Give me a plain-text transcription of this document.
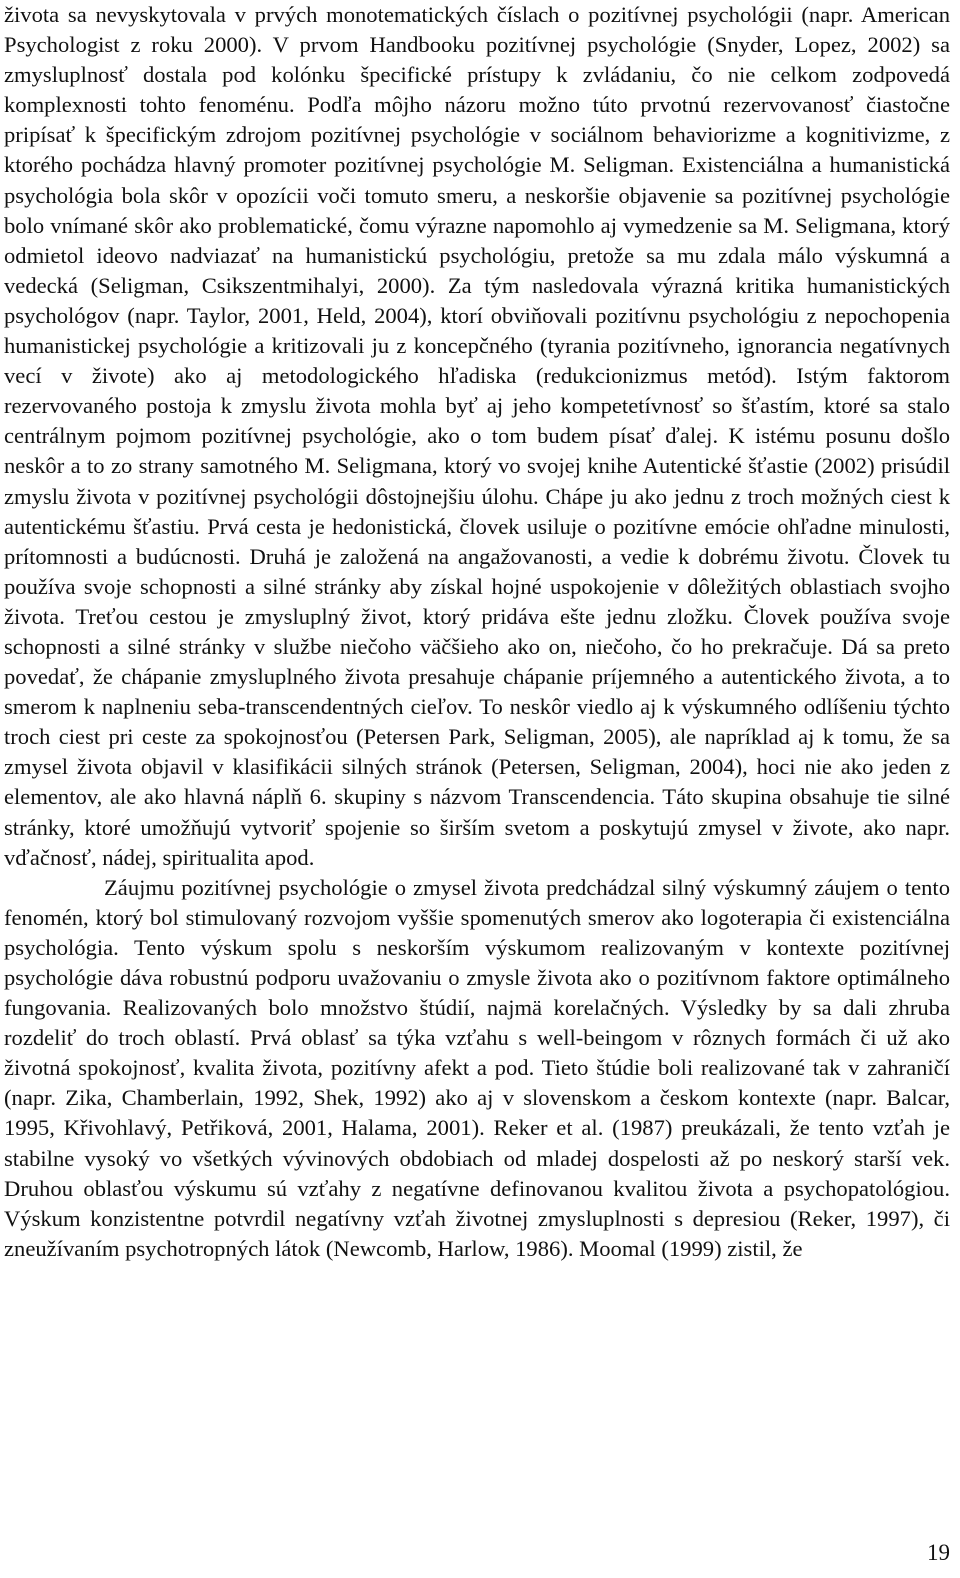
života sa nevyskytovala v prvých monotematických číslach o pozitívnej psychológii (napr. American Psychologist z roku 2000). V prvom Handbooku pozitívnej psychológie (Snyder, Lopez, 2002) sa zmysluplnosť dostala pod kolónku špecifické prístupy k zvládaniu, čo nie celkom zodpovedá komplexnosti tohto fenoménu. Podľa môjho názoru možno túto prvotnú rezervovanosť čiastočne pripísať k špecifickým zdrojom pozitívnej psychológie v sociálnom behaviorizme a kognitivizme, z ktorého pochádza hlavný promoter pozitívnej psychológie M. Seligman. Existenciálna a humanistická psychológia bola skôr v opozícii voči tomuto smeru, a neskoršie objavenie sa pozitívnej psychológie bolo vnímané skôr ako problematické, čomu výrazne napomohlo aj vymedzenie sa M. Seligmana, ktorý odmietol ideovo nadviazať na humanistickú psychológiu, pretože sa mu zdala málo výskumná a vedecká (Seligman, Csikszentmihalyi, 2000). Za tým nasledovala výrazná kritika humanistických psychológov (napr. Taylor, 2001, Held, 2004), ktorí obviňovali pozitívnu psychológiu z nepochopenia humanistickej psychológie a kritizovali ju z koncepčného (tyrania pozitívneho, ignorancia negatívnych vecí v živote) ako aj metodologického hľadiska (redukcionizmus metód). Istým faktorom rezervovaného postoja k zmyslu života mohla byť aj jeho kompetetívnosť so šťastím, ktoré sa stalo centrálnym pojmom pozitívnej psychológie, ako o tom budem písať ďalej. K istému posunu došlo neskôr a to zo strany samotného M. Seligmana, ktorý vo svojej knihe Autentické šťastie (2002) prisúdil zmyslu života v pozitívnej psychológii dôstojnejšiu úlohu. Chápe ju ako jednu z troch možných ciest k autentickému šťastiu. Prvá cesta je hedonistická, človek usiluje o pozitívne emócie ohľadne minulosti, prítomnosti a budúcnosti. Druhá je založená na angažovanosti, a vedie k dobrému životu. Človek tu používa svoje schopnosti a silné stránky aby získal hojné uspokojenie v dôležitých oblastiach svojho života. Treťou cestou je zmysluplný život, ktorý pridáva ešte jednu zložku. Človek používa svoje schopnosti a silné stránky v službe niečoho väčšieho ako on, niečoho, čo ho prekračuje. Dá sa preto povedať, že chápanie zmysluplného života presahuje chápanie príjemného a autentického života, a to smerom k naplneniu seba-transcendentných cieľov. To neskôr viedlo aj k výskumného odlíšeniu týchto troch ciest pri ceste za spokojnosťou (Petersen Park, Seligman, 2005), ale napríklad aj k tomu, že sa zmysel života objavil v klasifikácii silných stránok (Petersen, Seligman, 2004), hoci nie ako jeden z elementov, ale ako hlavná náplň 6. skupiny s názvom Transcendencia. Táto skupina obsahuje tie silné stránky, ktoré umožňujú vytvoriť spojenie so širším svetom a poskytujú zmysel v živote, ako napr. vďačnosť, nádej, spiritualita apod.

Záujmu pozitívnej psychológie o zmysel života predchádzal silný výskumný záujem o tento fenomén, ktorý bol stimulovaný rozvojom vyššie spomenutých smerov ako logoterapia či existenciálna psychológia. Tento výskum spolu s neskorším výskumom realizovaným v kontexte pozitívnej psychológie dáva robustnú podporu uvažovaniu o zmysle života ako o pozitívnom faktore optimálneho fungovania. Realizovaných bolo množstvo štúdií, najmä korelačných. Výsledky by sa dali zhruba rozdeliť do troch oblastí. Prvá oblasť sa týka vzťahu s well-beingom v rôznych formách či už ako životná spokojnosť, kvalita života, pozitívny afekt a pod. Tieto štúdie boli realizované tak v zahraničí (napr. Zika, Chamberlain, 1992, Shek, 1992) ako aj v slovenskom a českom kontexte (napr. Balcar, 1995, Křivohlavý, Petřiková, 2001, Halama, 2001). Reker et al. (1987) preukázali, že tento vzťah je stabilne vysoký vo všetkých vývinových obdobiach od mladej dospelosti až po neskorý starší vek. Druhou oblasťou výskumu sú vzťahy z negatívne definovanou kvalitou života a psychopatológiou. Výskum konzistentne potvrdil negatívny vzťah životnej zmysluplnosti s depresiou (Reker, 1997), či zneužívaním psychotropných látok (Newcomb, Harlow, 1986). Moomal (1999) zistil, že

19
